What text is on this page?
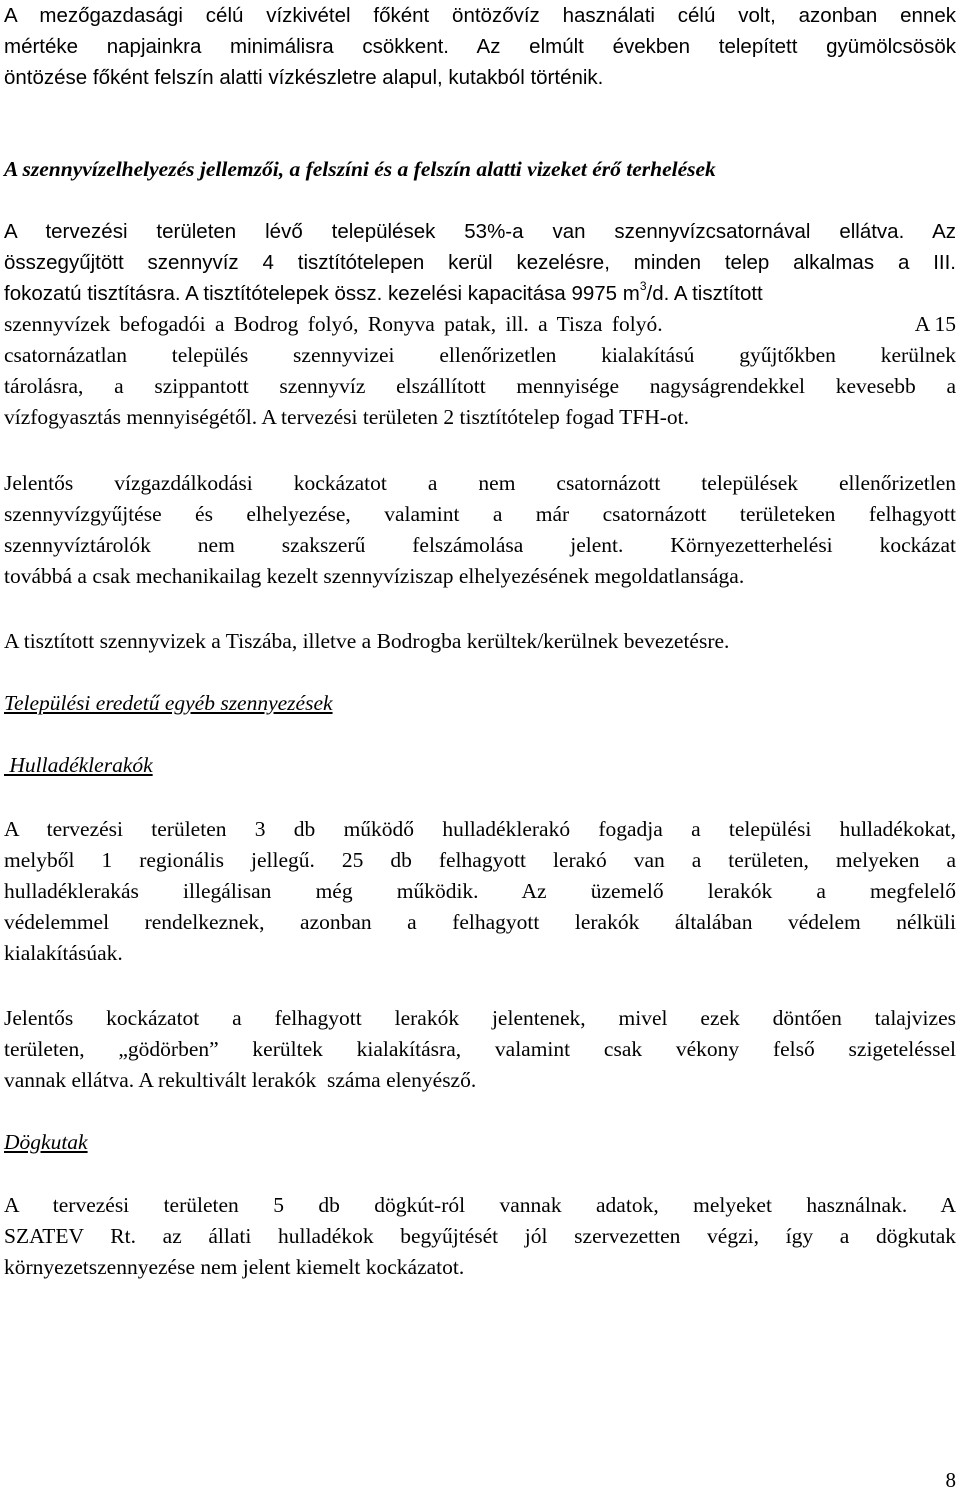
A mezőgazdasági célú vízkivétel főként öntözővíz használati célú volt, azonban ennek
mértéke napjainkra minimálisra csökkent. Az elmúlt években telepített gyümölcsösök
öntözése főként felszín alatti vízkészletre alapul, kutakból történik.
A szennyvízelhelyezés jellemzői, a felszíni és a felszín alatti vizeket érő terhelések
A tervezési területen lévő települések 53%-a van szennyvízcsatornával ellátva. Az
összegyűjtött szennyvíz 4 tisztítótelepen kerül kezelésre, minden telep alkalmas a III.
fokozatú tisztításra. A tisztítótelepek össz. kezelési kapacitása 9975 $m^3/d$. A tisztított
szennyvízek befogadói a Bodrog folyó, Ronyva patak, ill. a Tisza folyó.	A 15
csatornázatlan település szennyvizei ellenőrizetlen kialakítású gyűjtőkben kerülnek
tárolásra, a szippantott szennyvíz elszállított mennyisége nagyságrendekkel kevesebb a
vízfogyasztás mennyiségétől. A tervezési területen 2 tisztítótelep fogad TFH-ot.
Jelentős vízgazdálkodási kockázatot a nem csatornázott települések ellenőrizetlen
szennyvízgyűjtése és elhelyezése, valamint a már csatornázott területeken felhagyott
szennyvíztárolók nem szakszerű felszámolása jelent. Környezetterhelési kockázat
továbbá a csak mechanikailag kezelt szennyvíziszap elhelyezésének megoldatlansága.
A tisztított szennyvizek a Tiszába, illetve a Bodrogba kerültek/kerülnek bevezetésre.
Települési eredetű egyéb szennyezések
Hulladéklerakók
A tervezési területen 3 db működő hulladéklerakó fogadja a települési hulladékokat,
melyből 1 regionális jellegű. 25 db felhagyott lerakó van a területen, melyeken a
hulladéklerakás illegálisan még működik. Az üzemelő lerakók a megfelelő
védelemmel rendelkeznek, azonban a felhagyott lerakók általában védelem nélküli
kialakításúak.
Jelentős kockázatot a felhagyott lerakók jelentenek, mivel ezek döntően talajvizes
területen, „gödörben” kerültek kialakításra, valamint csak vékony felső szigeteléssel
vannak ellátva. A rekultivált lerakók  száma elenyésző.
Dögkutak
A tervezési területen 5 db dögkút-ról vannak adatok, melyeket használnak. A
SZATEV Rt. az állati hulladékok begyűjtését jól szervezetten végzi, így a dögkutak
környezetszennyezése nem jelent kiemelt kockázatot.
8
